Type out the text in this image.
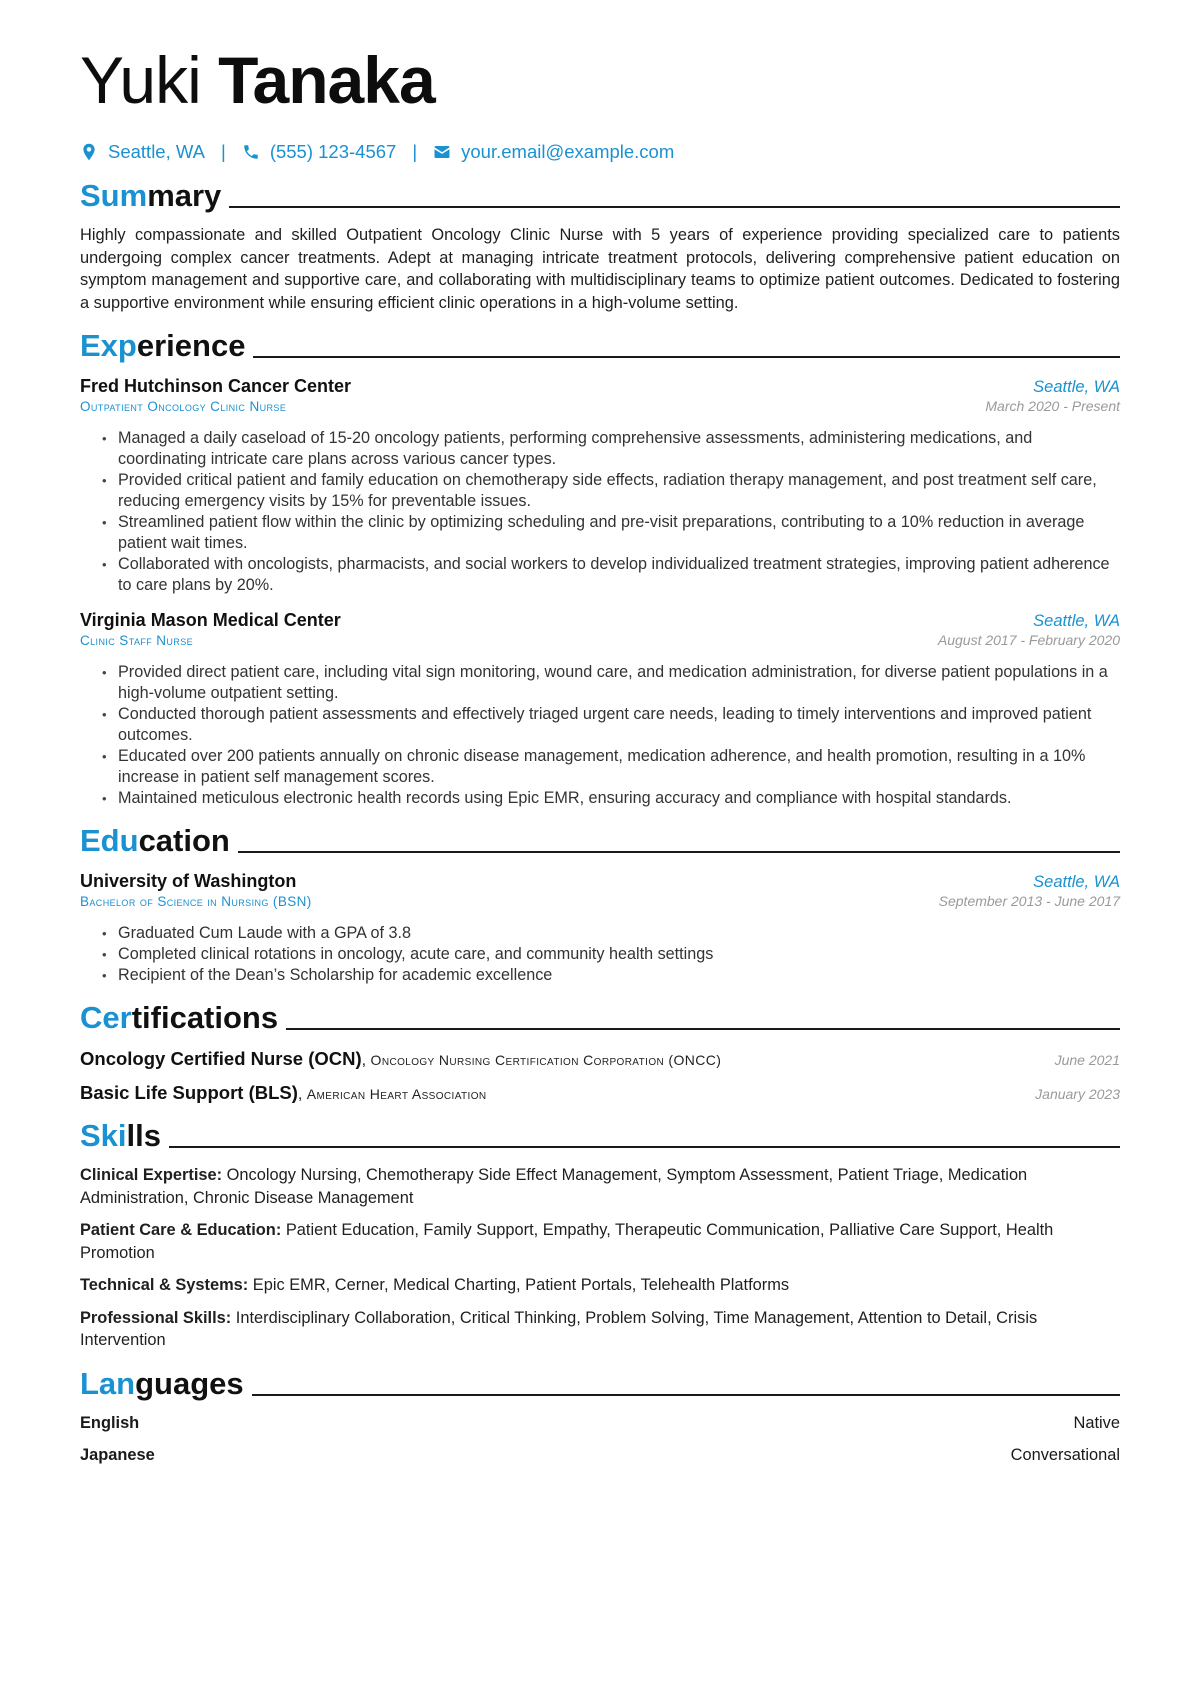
Yuki Tanaka
Seattle, WA | (555) 123-4567 | your.email@example.com
Summary
Highly compassionate and skilled Outpatient Oncology Clinic Nurse with 5 years of experience providing specialized care to patients undergoing complex cancer treatments. Adept at managing intricate treatment protocols, delivering comprehensive patient education on symptom management and supportive care, and collaborating with multidisciplinary teams to optimize patient outcomes. Dedicated to fostering a supportive environment while ensuring efficient clinic operations in a high-volume setting.
Experience
Fred Hutchinson Cancer Center	Seattle, WA
Outpatient Oncology Clinic Nurse	March 2020 - Present
• Managed a daily caseload of 15-20 oncology patients, performing comprehensive assessments, administering medications, and coordinating intricate care plans across various cancer types.
• Provided critical patient and family education on chemotherapy side effects, radiation therapy management, and post treatment self care, reducing emergency visits by 15% for preventable issues.
• Streamlined patient flow within the clinic by optimizing scheduling and pre-visit preparations, contributing to a 10% reduction in average patient wait times.
• Collaborated with oncologists, pharmacists, and social workers to develop individualized treatment strategies, improving patient adherence to care plans by 20%.
Virginia Mason Medical Center	Seattle, WA
Clinic Staff Nurse	August 2017 - February 2020
• Provided direct patient care, including vital sign monitoring, wound care, and medication administration, for diverse patient populations in a high-volume outpatient setting.
• Conducted thorough patient assessments and effectively triaged urgent care needs, leading to timely interventions and improved patient outcomes.
• Educated over 200 patients annually on chronic disease management, medication adherence, and health promotion, resulting in a 10% increase in patient self management scores.
• Maintained meticulous electronic health records using Epic EMR, ensuring accuracy and compliance with hospital standards.
Education
University of Washington	Seattle, WA
Bachelor of Science in Nursing (BSN)	September 2013 - June 2017
• Graduated Cum Laude with a GPA of 3.8
• Completed clinical rotations in oncology, acute care, and community health settings
• Recipient of the Dean’s Scholarship for academic excellence
Certifications
Oncology Certified Nurse (OCN), Oncology Nursing Certification Corporation (ONCC)	June 2021
Basic Life Support (BLS), American Heart Association	January 2023
Skills
Clinical Expertise: Oncology Nursing, Chemotherapy Side Effect Management, Symptom Assessment, Patient Triage, Medication Administration, Chronic Disease Management
Patient Care & Education: Patient Education, Family Support, Empathy, Therapeutic Communication, Palliative Care Support, Health Promotion
Technical & Systems: Epic EMR, Cerner, Medical Charting, Patient Portals, Telehealth Platforms
Professional Skills: Interdisciplinary Collaboration, Critical Thinking, Problem Solving, Time Management, Attention to Detail, Crisis Intervention
Languages
English	Native
Japanese	Conversational
